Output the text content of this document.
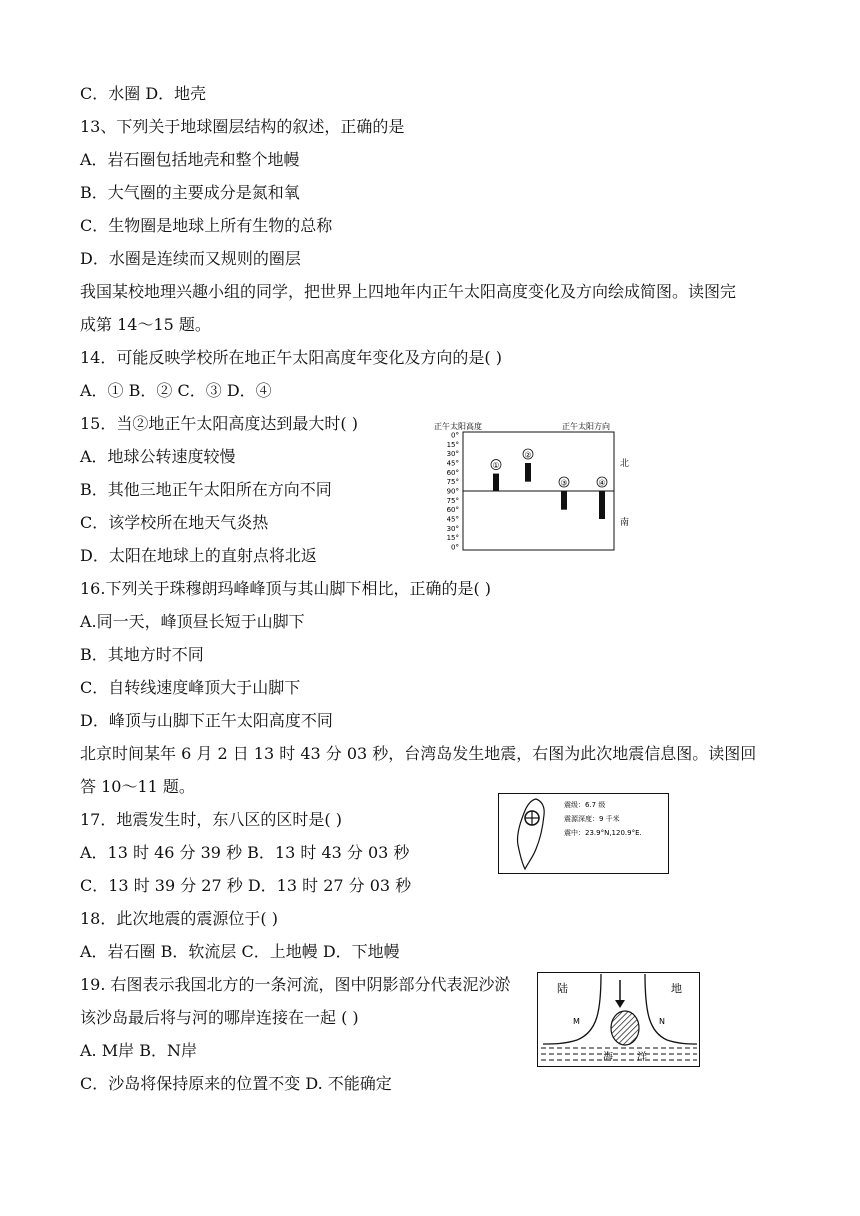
C．水圈 D．地壳
13、下列关于地球圈层结构的叙述，正确的是
A．岩石圈包括地壳和整个地幔
B．大气圈的主要成分是氮和氧
C．生物圈是地球上所有生物的总称
D．水圈是连续而又规则的圈层
我国某校地理兴趣小组的同学，把世界上四地年内正午太阳高度变化及方向绘成简图。读图完
成第 14～15 题。
14．可能反映学校所在地正午太阳高度年变化及方向的是( )
A．① B．② C．③ D．④
15．当②地正午太阳高度达到最大时( )
A．地球公转速度较慢
B．其他三地正午太阳所在方向不同
C．该学校所在地天气炎热
D．太阳在地球上的直射点将北返
16.下列关于珠穆朗玛峰峰顶与其山脚下相比，正确的是( )
A.同一天，峰顶昼长短于山脚下
B．其地方时不同
C．自转线速度峰顶大于山脚下
D．峰顶与山脚下正午太阳高度不同
北京时间某年 6 月 2 日 13 时 43 分 03 秒，台湾岛发生地震，右图为此次地震信息图。读图回
答 10～11 题。
17．地震发生时，东八区的区时是( )
A．13 时 46 分 39 秒 B．13 时 43 分 03 秒
C．13 时 39 分 27 秒 D．13 时 27 分 03 秒
18．此次地震的震源位于( )
A．岩石圈 B．软流层 C．上地幔 D．下地幔
19. 右图表示我国北方的一条河流，图中阴影部分代表泥沙淤
该沙岛最后将与河的哪岸连接在一起 ( )
A. M岸 B．N岸
C．沙岛将保持原来的位置不变 D. 不能确定
正午太阳高度	正午太阳方向
0°
15°
30°
45°
60°
75°
90°
75°
60°
45°
30°
15°
0°
①
②
③	④
北
南
震级：6.7 级
震源深度：9 千米
震中：23.9°N,120.9°E.
陆	地
M	N
海 洋
